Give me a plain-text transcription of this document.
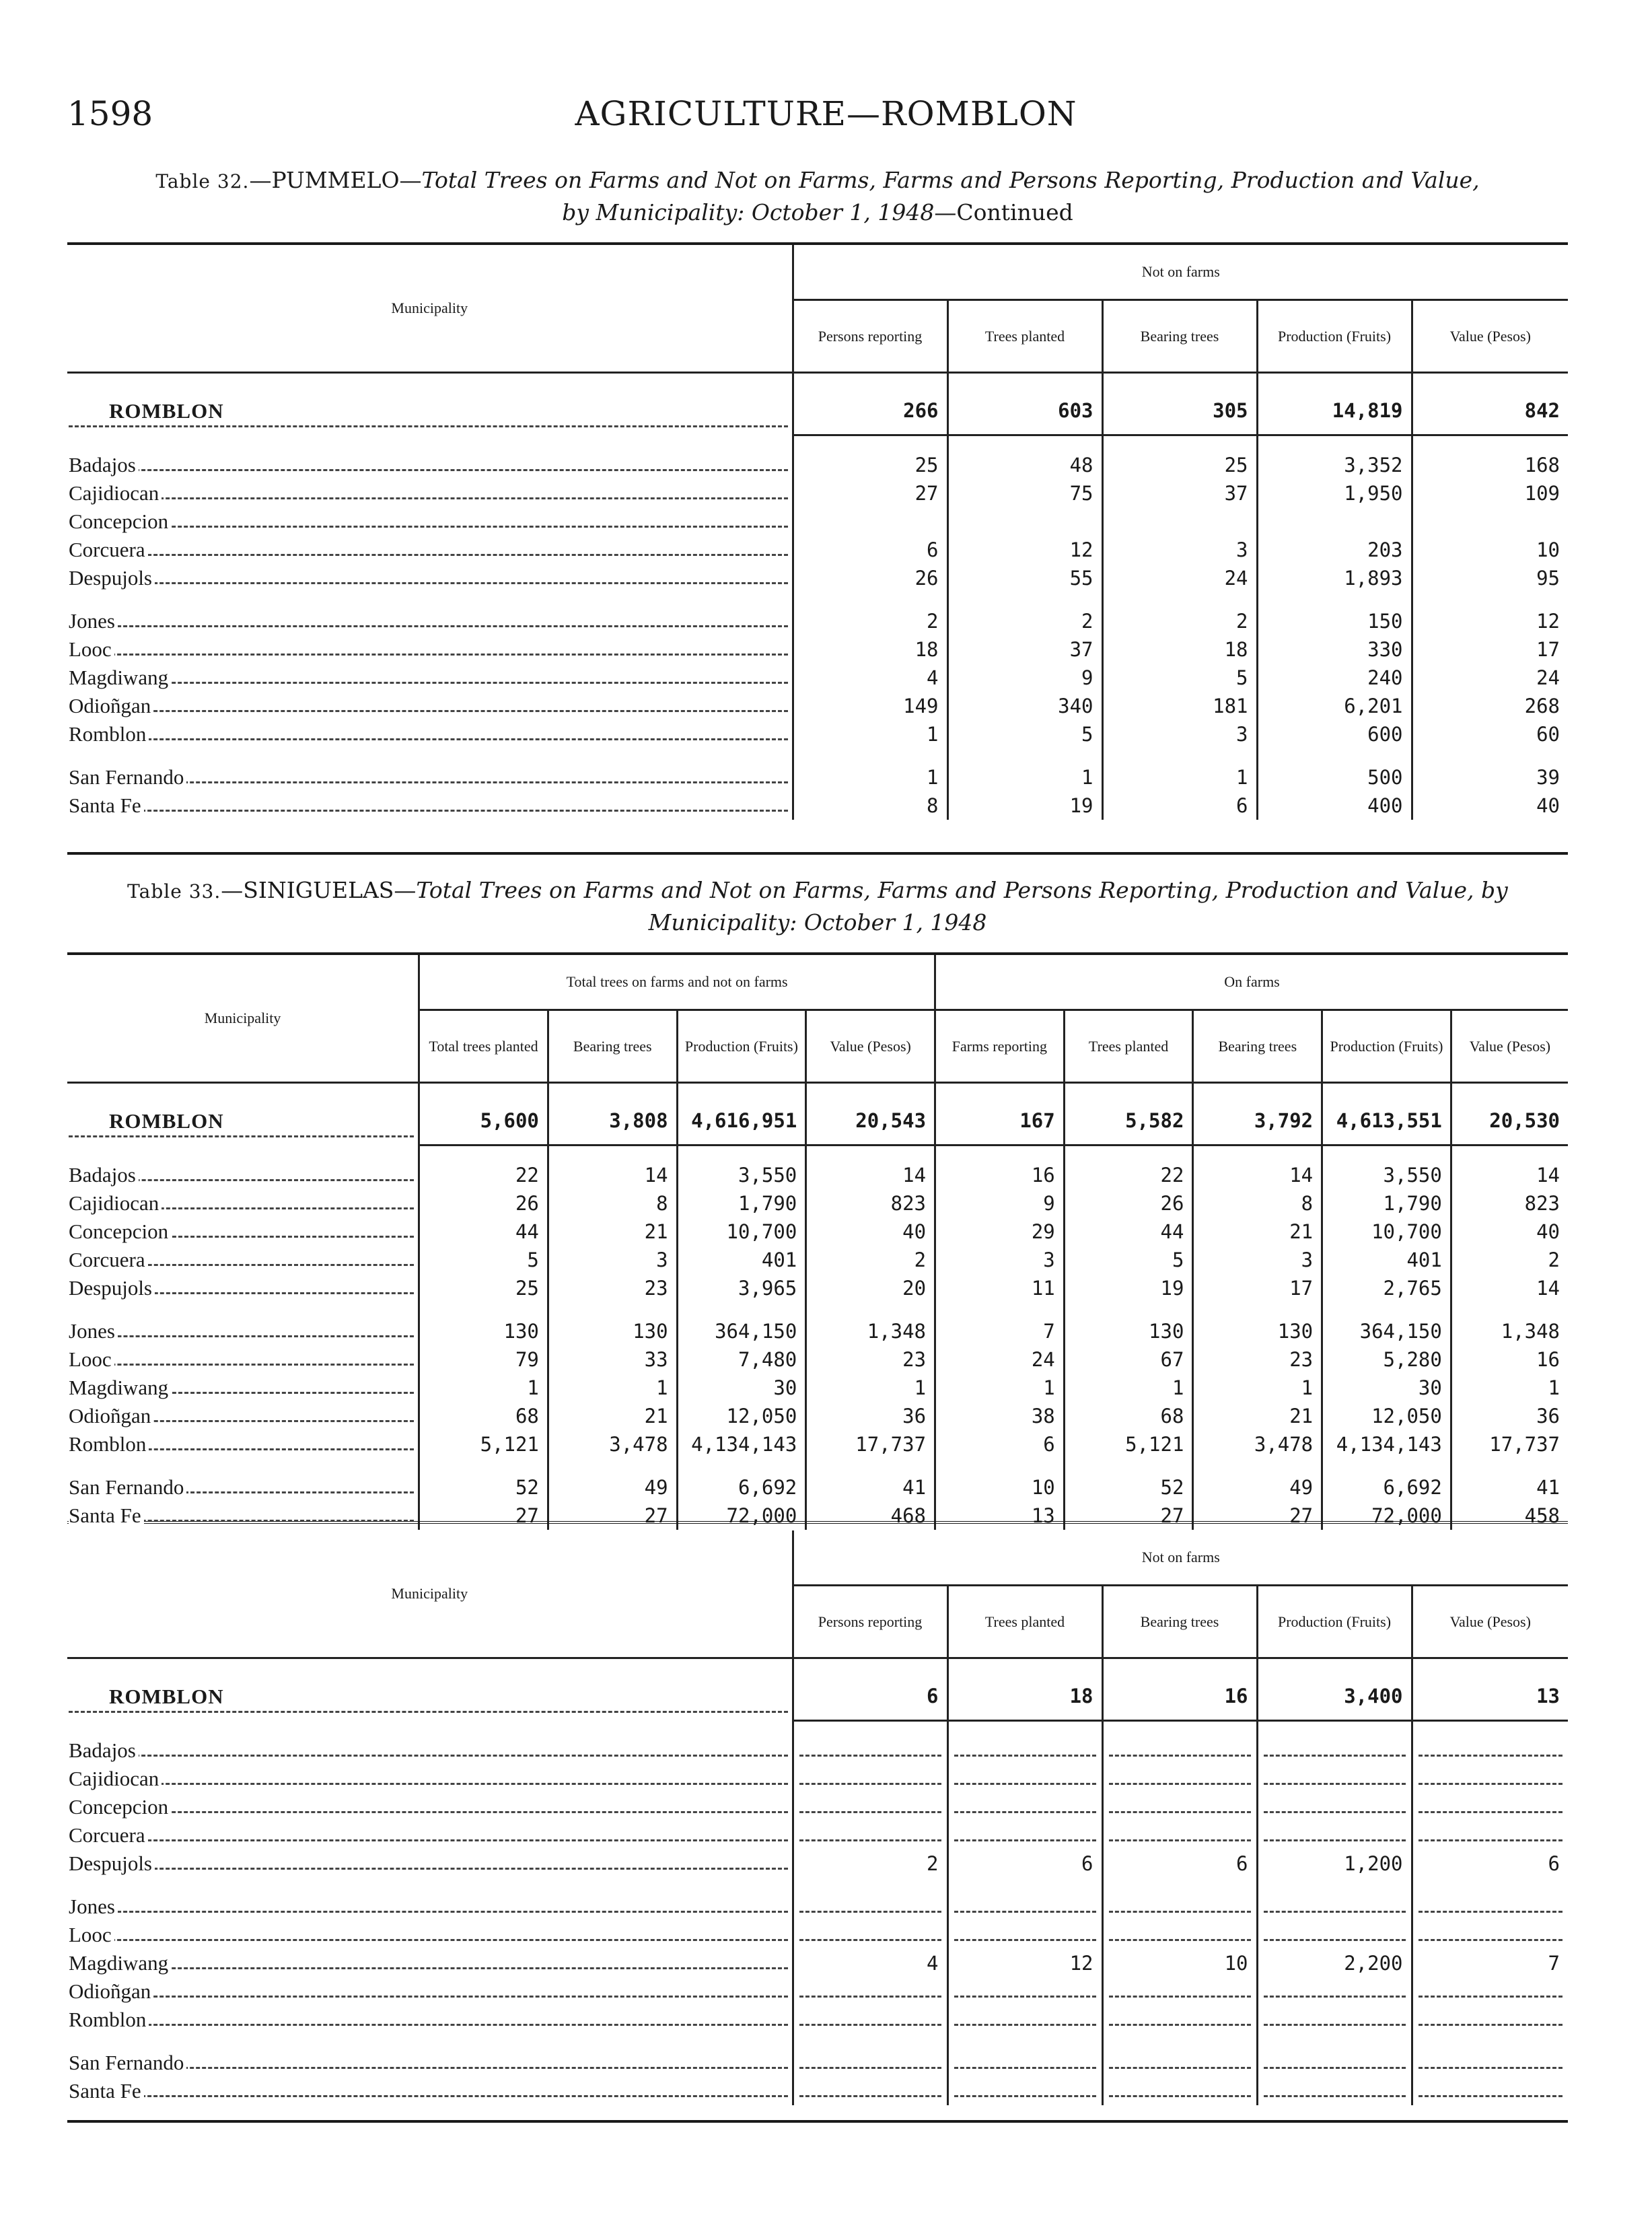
1598	AGRICULTURE—ROMBLON
Table 32.—PUMMELO—Total Trees on Farms and Not on Farms, Farms and Persons Reporting, Production and Value,
by Municipality: October 1, 1948—Continued
Municipality	Not on farms				
	Persons reporting	Trees planted	Bearing trees	Production (Fruits)	Value (Pesos)

ROMBLON	266	603	305	14,819	842

Badajos	25	48	25	3,352	168
Cajidiocan	27	75	37	1,950	109
Concepcion					
Corcuera	6	12	3	203	10
Despujols	26	55	24	1,893	95

Jones	2	2	2	150	12
Looc	18	37	18	330	17
Magdiwang	4	9	5	240	24
Odioñgan	149	340	181	6,201	268
Romblon	1	5	3	600	60

San Fernando	1	1	1	500	39
Santa Fe	8	19	6	400	40
Table 33.—SINIGUELAS—Total Trees on Farms and Not on Farms, Farms and Persons Reporting, Production and Value, by
Municipality: October 1, 1948
Municipality	Total trees on farms and not on farms				On farms				
	Total trees planted	Bearing trees	Production (Fruits)	Value (Pesos)	Farms reporting	Trees planted	Bearing trees	Production (Fruits)	Value (Pesos)

ROMBLON	5,600	3,808	4,616,951	20,543	167	5,582	3,792	4,613,551	20,530

Badajos	22	14	3,550	14	16	22	14	3,550	14
Cajidiocan	26	8	1,790	823	9	26	8	1,790	823
Concepcion	44	21	10,700	40	29	44	21	10,700	40
Corcuera	5	3	401	2	3	5	3	401	2
Despujols	25	23	3,965	20	11	19	17	2,765	14

Jones	130	130	364,150	1,348	7	130	130	364,150	1,348
Looc	79	33	7,480	23	24	67	23	5,280	16
Magdiwang	1	1	30	1	1	1	1	30	1
Odioñgan	68	21	12,050	36	38	68	21	12,050	36
Romblon	5,121	3,478	4,134,143	17,737	6	5,121	3,478	4,134,143	17,737

San Fernando	52	49	6,692	41	10	52	49	6,692	41
Santa Fe	27	27	72,000	468	13	27	27	72,000	458
Municipality	Not on farms				
	Persons reporting	Trees planted	Bearing trees	Production (Fruits)	Value (Pesos)

ROMBLON	6	18	16	3,400	13

Badajos					
Cajidiocan					
Concepcion					
Corcuera					
Despujols	2	6	6	1,200	6

Jones					
Looc					
Magdiwang	4	12	10	2,200	7
Odioñgan					
Romblon					

San Fernando					
Santa Fe					
